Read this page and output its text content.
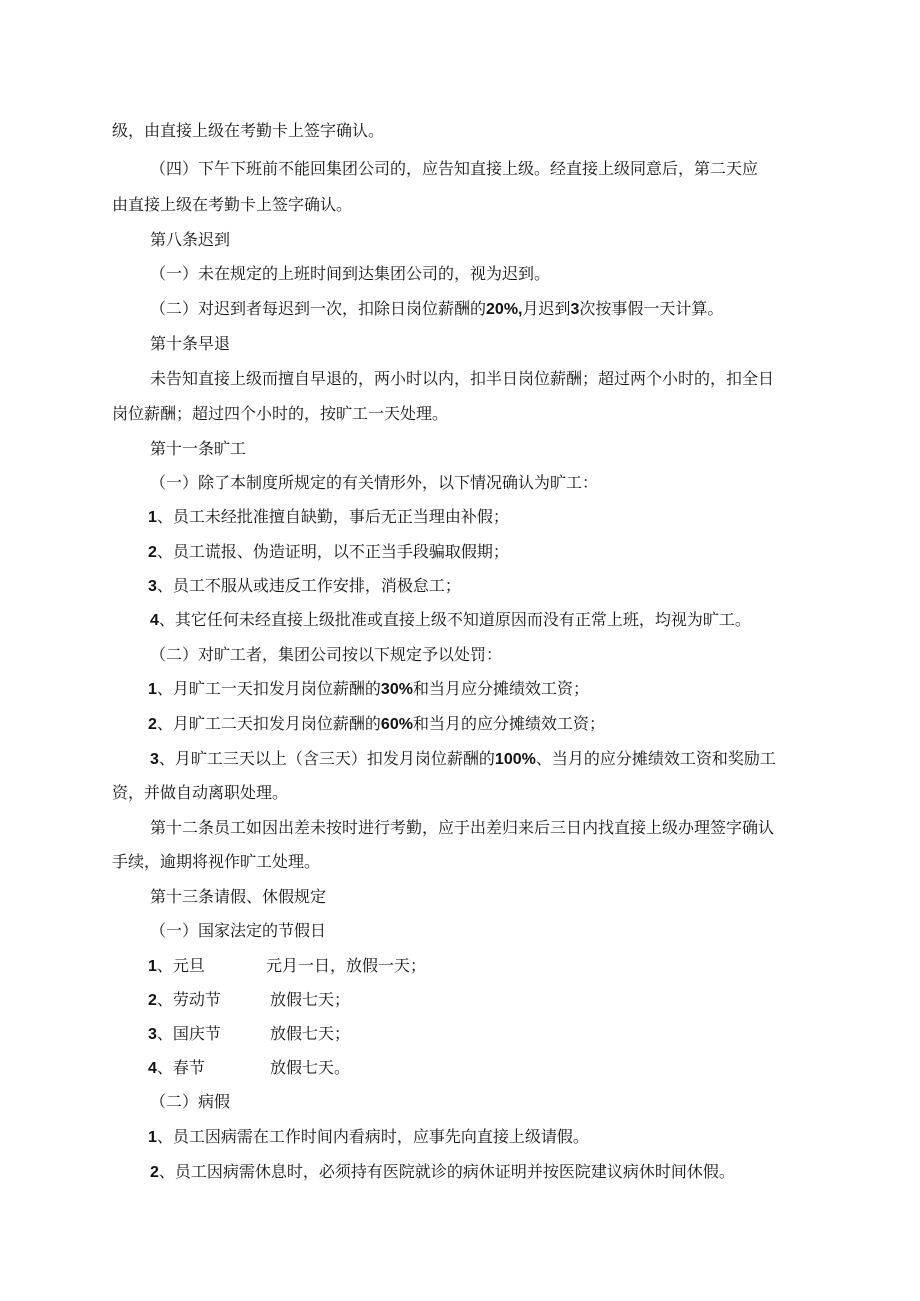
级，由直接上级在考勤卡上签字确认。
（四）下午下班前不能回集团公司的，应告知直接上级。经直接上级同意后，第二天应
由直接上级在考勤卡上签字确认。
第八条迟到
（一）未在规定的上班时间到达集团公司的，视为迟到。
（二）对迟到者每迟到一次，扣除日岗位薪酬的20%,月迟到3次按事假一天计算。
第十条早退
未告知直接上级而擅自早退的，两小时以内，扣半日岗位薪酬；超过两个小时的，扣全日
岗位薪酬；超过四个小时的，按旷工一天处理。
第十一条旷工
（一）除了本制度所规定的有关情形外，以下情况确认为旷工：
1、员工未经批准擅自缺勤，事后无正当理由补假；
2、员工谎报、伪造证明，以不正当手段骗取假期；
3、员工不服从或违反工作安排，消极怠工；
4、其它任何未经直接上级批准或直接上级不知道原因而没有正常上班，均视为旷工。
（二）对旷工者，集团公司按以下规定予以处罚：
1、月旷工一天扣发月岗位薪酬的30%和当月应分摊绩效工资；
2、月旷工二天扣发月岗位薪酬的60%和当月的应分摊绩效工资；
3、月旷工三天以上（含三天）扣发月岗位薪酬的100%、当月的应分摊绩效工资和奖励工
资，并做自动离职处理。
第十二条员工如因出差未按时进行考勤，应于出差归来后三日内找直接上级办理签字确认
手续，逾期将视作旷工处理。
第十三条请假、休假规定
（一）国家法定的节假日
1、元旦	元月一日，放假一天；
2、劳动节	放假七天；
3、国庆节	放假七天；
4、春节	放假七天。
（二）病假
1、员工因病需在工作时间内看病时，应事先向直接上级请假。
2、员工因病需休息时，必须持有医院就诊的病休证明并按医院建议病休时间休假。
